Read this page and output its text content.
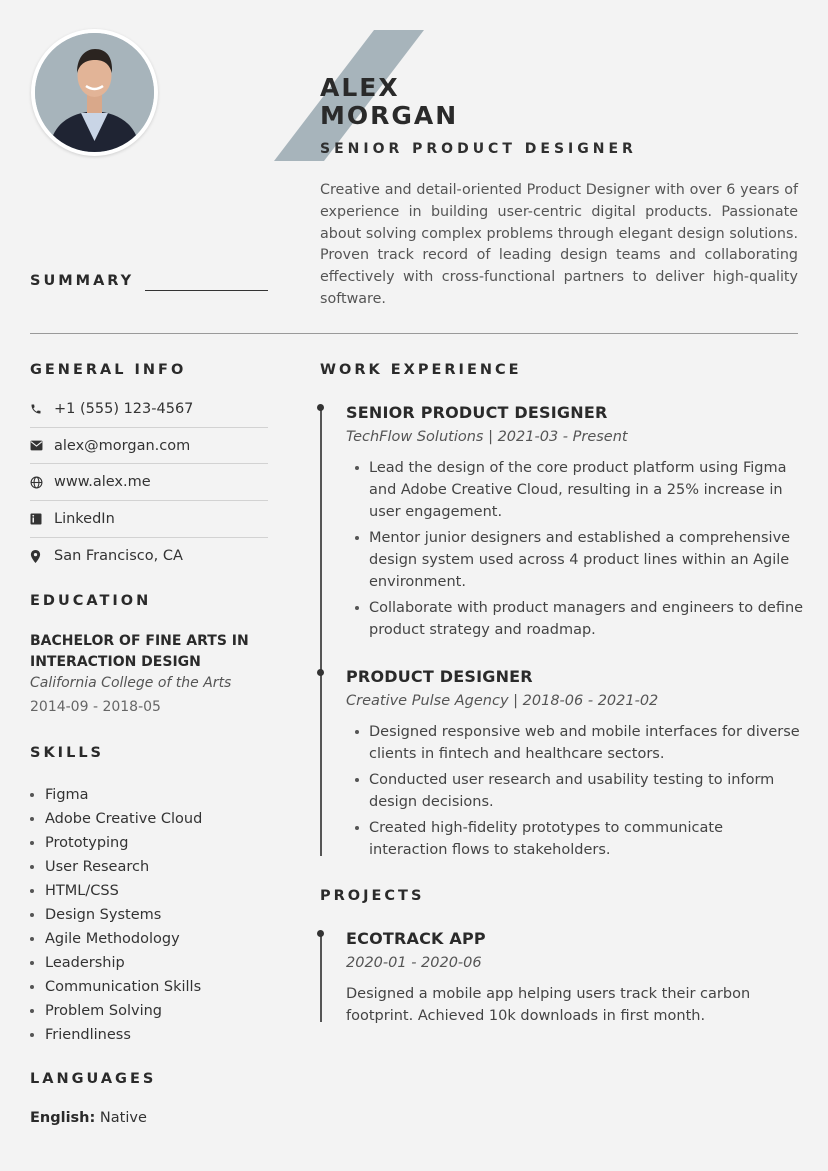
ALEX
MORGAN
SENIOR PRODUCT DESIGNER
Creative and detail-oriented Product Designer with over 6 years of experience in building user-centric digital products. Passionate about solving complex problems through elegant design solutions. Proven track record of leading design teams and collaborating effectively with cross-functional partners to deliver high-quality software.
SUMMARY
GENERAL INFO
+1 (555) 123-4567
alex@morgan.com
www.alex.me
LinkedIn
San Francisco, CA
EDUCATION
BACHELOR OF FINE ARTS IN INTERACTION DESIGN
California College of the Arts
2014-09 - 2018-05
SKILLS
Figma
Adobe Creative Cloud
Prototyping
User Research
HTML/CSS
Design Systems
Agile Methodology
Leadership
Communication Skills
Problem Solving
Friendliness
LANGUAGES
English: Native
WORK EXPERIENCE
SENIOR PRODUCT DESIGNER
TechFlow Solutions | 2021-03 - Present
Lead the design of the core product platform using Figma and Adobe Creative Cloud, resulting in a 25% increase in user engagement.
Mentor junior designers and established a comprehensive design system used across 4 product lines within an Agile environment.
Collaborate with product managers and engineers to define product strategy and roadmap.
PRODUCT DESIGNER
Creative Pulse Agency | 2018-06 - 2021-02
Designed responsive web and mobile interfaces for diverse clients in fintech and healthcare sectors.
Conducted user research and usability testing to inform design decisions.
Created high-fidelity prototypes to communicate interaction flows to stakeholders.
PROJECTS
ECOTRACK APP
2020-01 - 2020-06
Designed a mobile app helping users track their carbon footprint. Achieved 10k downloads in first month.
